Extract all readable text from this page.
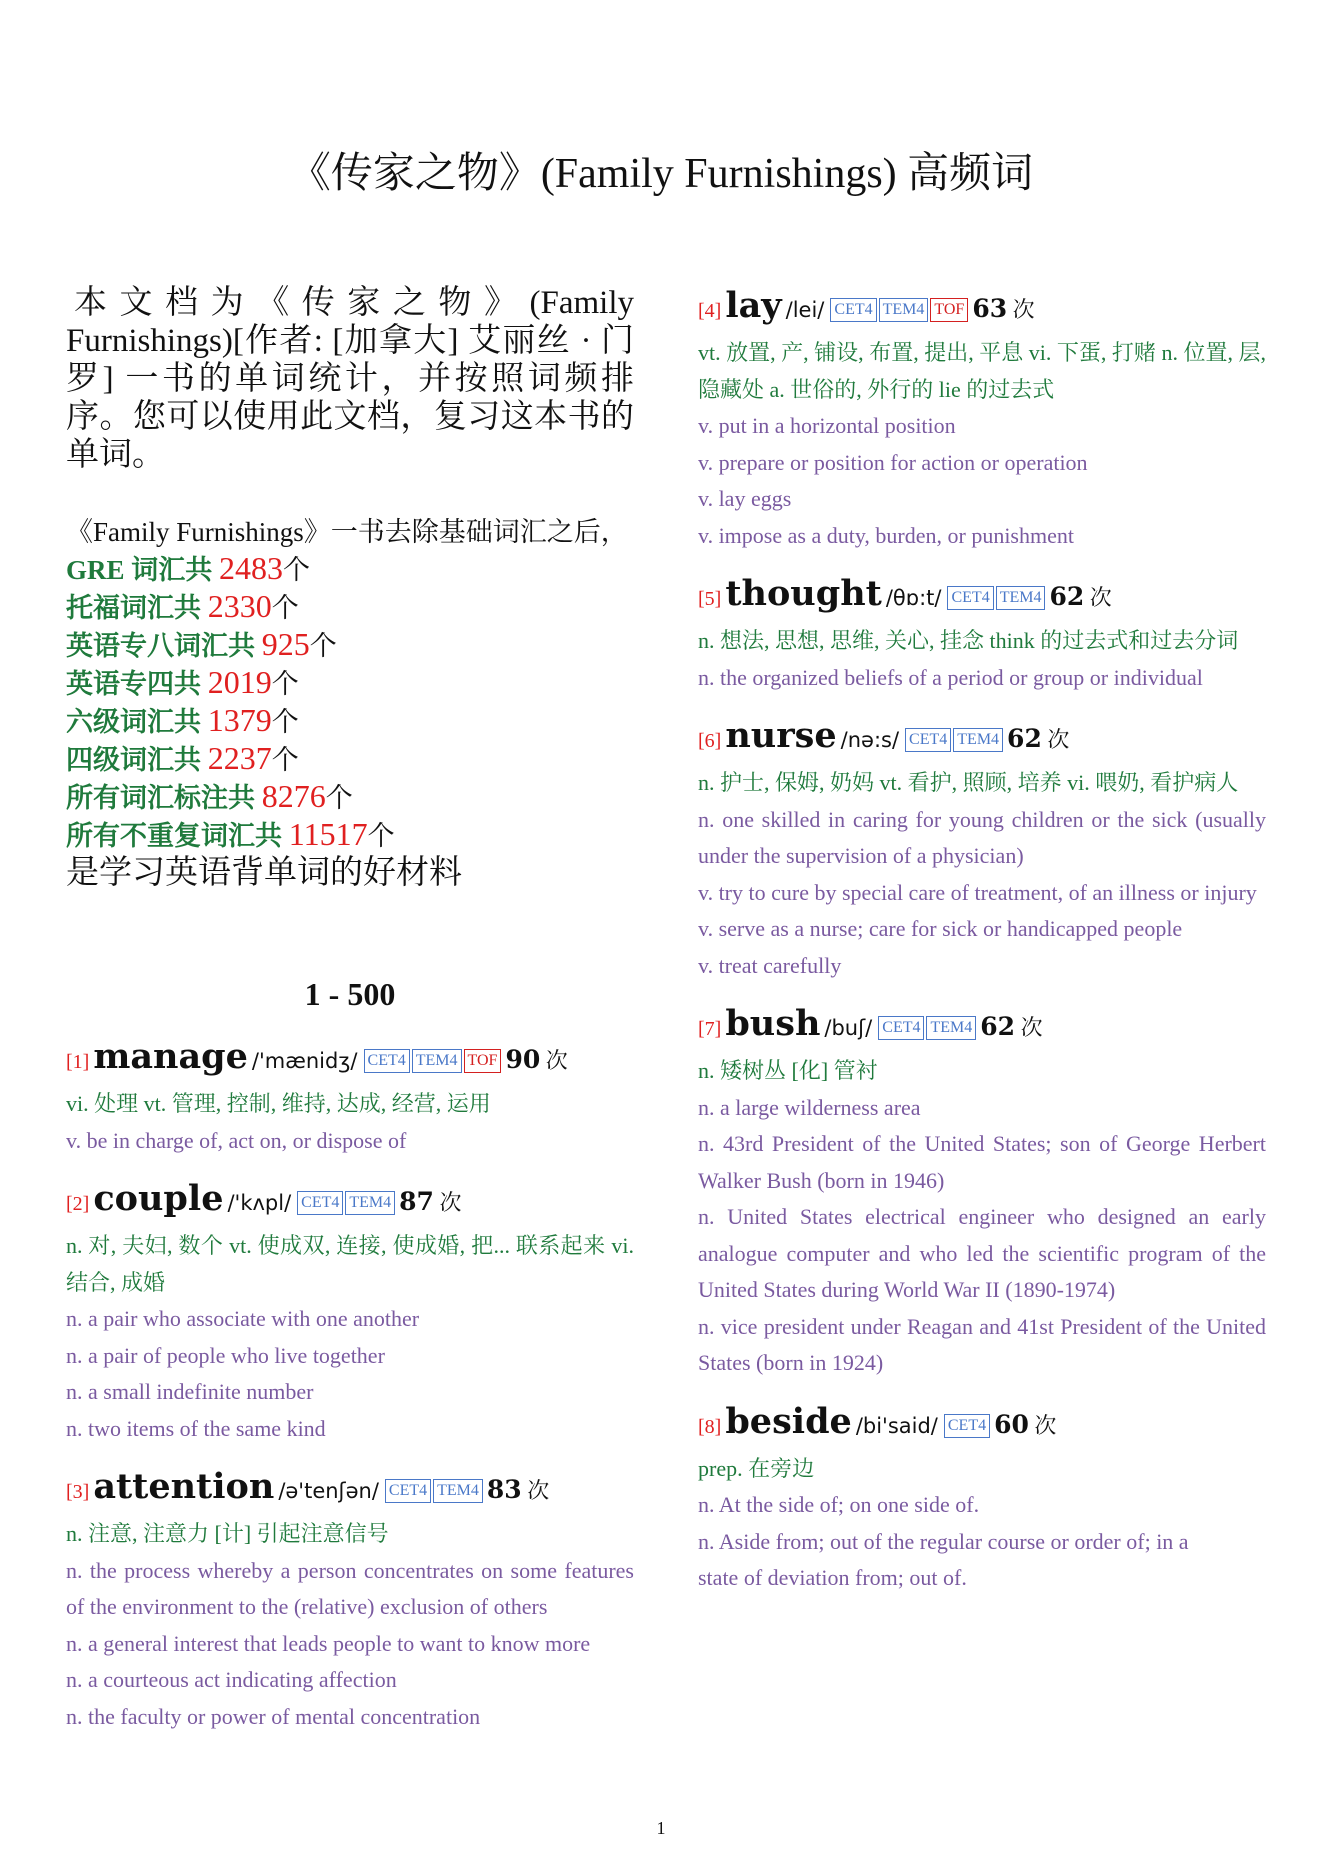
《传家之物》(Family Furnishings) 高频词

本文档为《传家之物》(Family Furnishings)[作者: [加拿大] 艾丽丝 · 门罗] 一书的单词统计，并按照词频排序。您可以使用此文档，复习这本书的单词。

《Family Furnishings》一书去除基础词汇之后，
GRE 词汇共 2483个
托福词汇共 2330个
英语专八词汇共 925个
英语专四共 2019个
六级词汇共 1379个
四级词汇共 2237个
所有词汇标注共 8276个
所有不重复词汇共 11517个
是学习英语背单词的好材料
1 - 500
[1] manage /'mænidʒ/ CET4 TEM4 TOF 90 次
vi. 处理 vt. 管理, 控制, 维持, 达成, 经营, 运用
v. be in charge of, act on, or dispose of
[2] couple /'kʌpl/ CET4 TEM4 87 次
n. 对, 夫妇, 数个 vt. 使成双, 连接, 使成婚, 把... 联系起来 vi. 结合, 成婚
n. a pair who associate with one another
n. a pair of people who live together
n. a small indefinite number
n. two items of the same kind
[3] attention /ə'tenʃən/ CET4 TEM4 83 次
n. 注意, 注意力 [计] 引起注意信号
n. the process whereby a person concentrates on some features of the environment to the (relative) exclusion of others
n. a general interest that leads people to want to know more
n. a courteous act indicating affection
n. the faculty or power of mental concentration
[4] lay /lei/ CET4 TEM4 TOF 63 次
vt. 放置, 产, 铺设, 布置, 提出, 平息 vi. 下蛋, 打赌 n. 位置, 层, 隐藏处 a. 世俗的, 外行的 lie 的过去式
v. put in a horizontal position
v. prepare or position for action or operation
v. lay eggs
v. impose as a duty, burden, or punishment
[5] thought /θɒ:t/ CET4 TEM4 62 次
n. 想法, 思想, 思维, 关心, 挂念 think 的过去式和过去分词
n. the organized beliefs of a period or group or individual
[6] nurse /nə:s/ CET4 TEM4 62 次
n. 护士, 保姆, 奶妈 vt. 看护, 照顾, 培养 vi. 喂奶, 看护病人
n. one skilled in caring for young children or the sick (usually under the supervision of a physician)
v. try to cure by special care of treatment, of an illness or injury
v. serve as a nurse; care for sick or handicapped people
v. treat carefully
[7] bush /buʃ/ CET4 TEM4 62 次
n. 矮树丛 [化] 管衬
n. a large wilderness area
n. 43rd President of the United States; son of George Herbert Walker Bush (born in 1946)
n. United States electrical engineer who designed an early analogue computer and who led the scientific program of the United States during World War II (1890-1974)
n. vice president under Reagan and 41st President of the United States (born in 1924)
[8] beside /bi'said/ CET4 60 次
prep. 在旁边
n. At the side of; on one side of.
n. Aside from; out of the regular course or order of; in a
state of deviation from; out of.
1
